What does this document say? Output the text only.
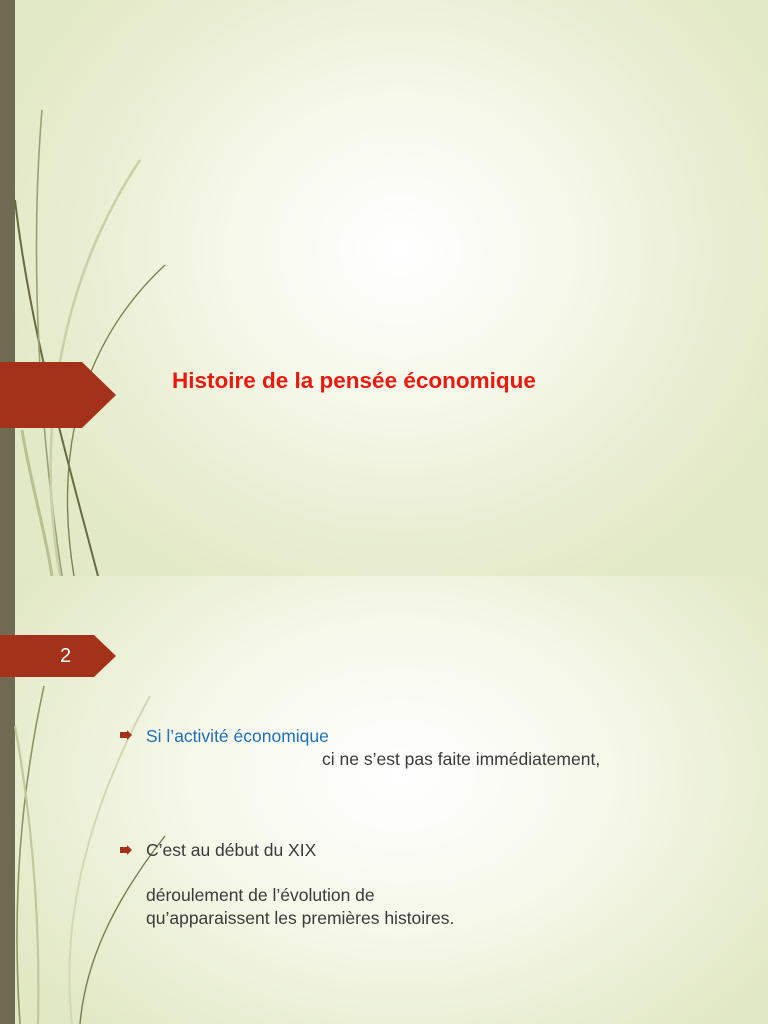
Histoire de la pensée économique
2
Si l’activité économique
ci ne s’est pas faite immédiatement,
C’est au début du XIX
déroulement de l’évolution de
qu’apparaissent les premières histoires.
